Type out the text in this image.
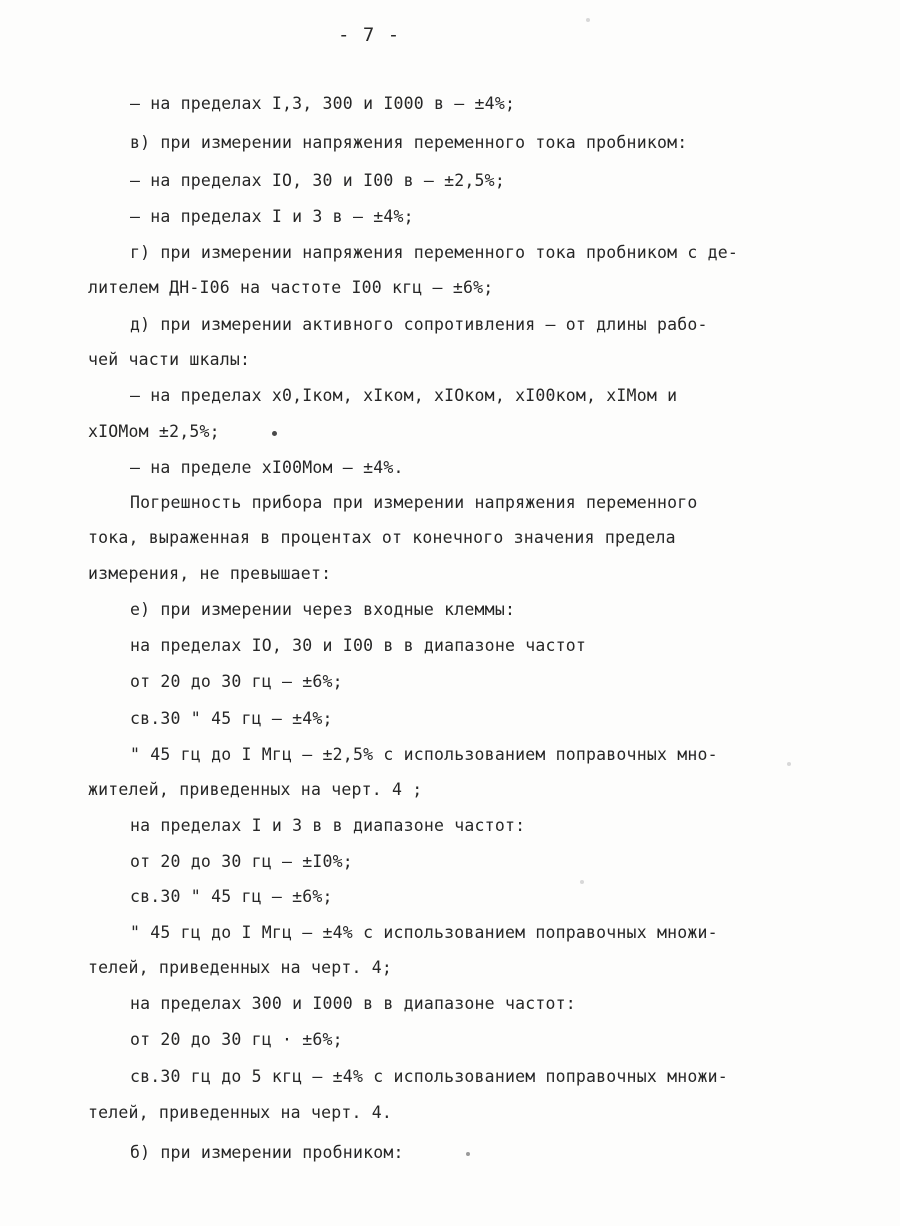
- 7 -
– на пределах I,3, 300 и I000 в – ±4%;
в) при измерении напряжения переменного тока пробником:
– на пределах IO, 30 и I00 в – ±2,5%;
– на пределах I и 3 в – ±4%;
г) при измерении напряжения переменного тока пробником с де-
лителем ДН-I06 на частоте I00 кгц – ±6%;
д) при измерении активного сопротивления – от длины рабо-
чей части шкалы:
– на пределах х0,Iком, хIком, хIOком, хI00ком, хIМом и
хIOМом ±2,5%;
– на пределе хI00Мом – ±4%.
Погрешность прибора при измерении напряжения переменного
тока, выраженная в процентах от конечного значения предела
измерения, не превышает:
е) при измерении через входные клеммы:
на пределах IO, 30 и I00 в в диапазоне частот
от 20 до 30 гц – ±6%;
св.30 " 45 гц – ±4%;
" 45 гц до I Мгц – ±2,5% с использованием поправочных мно-
жителей, приведенных на черт. 4 ;
на пределах I и 3 в в диапазоне частот:
от 20 до 30 гц – ±I0%;
св.30 " 45 гц – ±6%;
" 45 гц до I Мгц – ±4% с использованием поправочных множи-
телей, приведенных на черт. 4;
на пределах 300 и I000 в в диапазоне частот:
от 20 до 30 гц · ±6%;
св.30 гц до 5 кгц – ±4% с использованием поправочных множи-
телей, приведенных на черт. 4.
б) при измерении пробником:
